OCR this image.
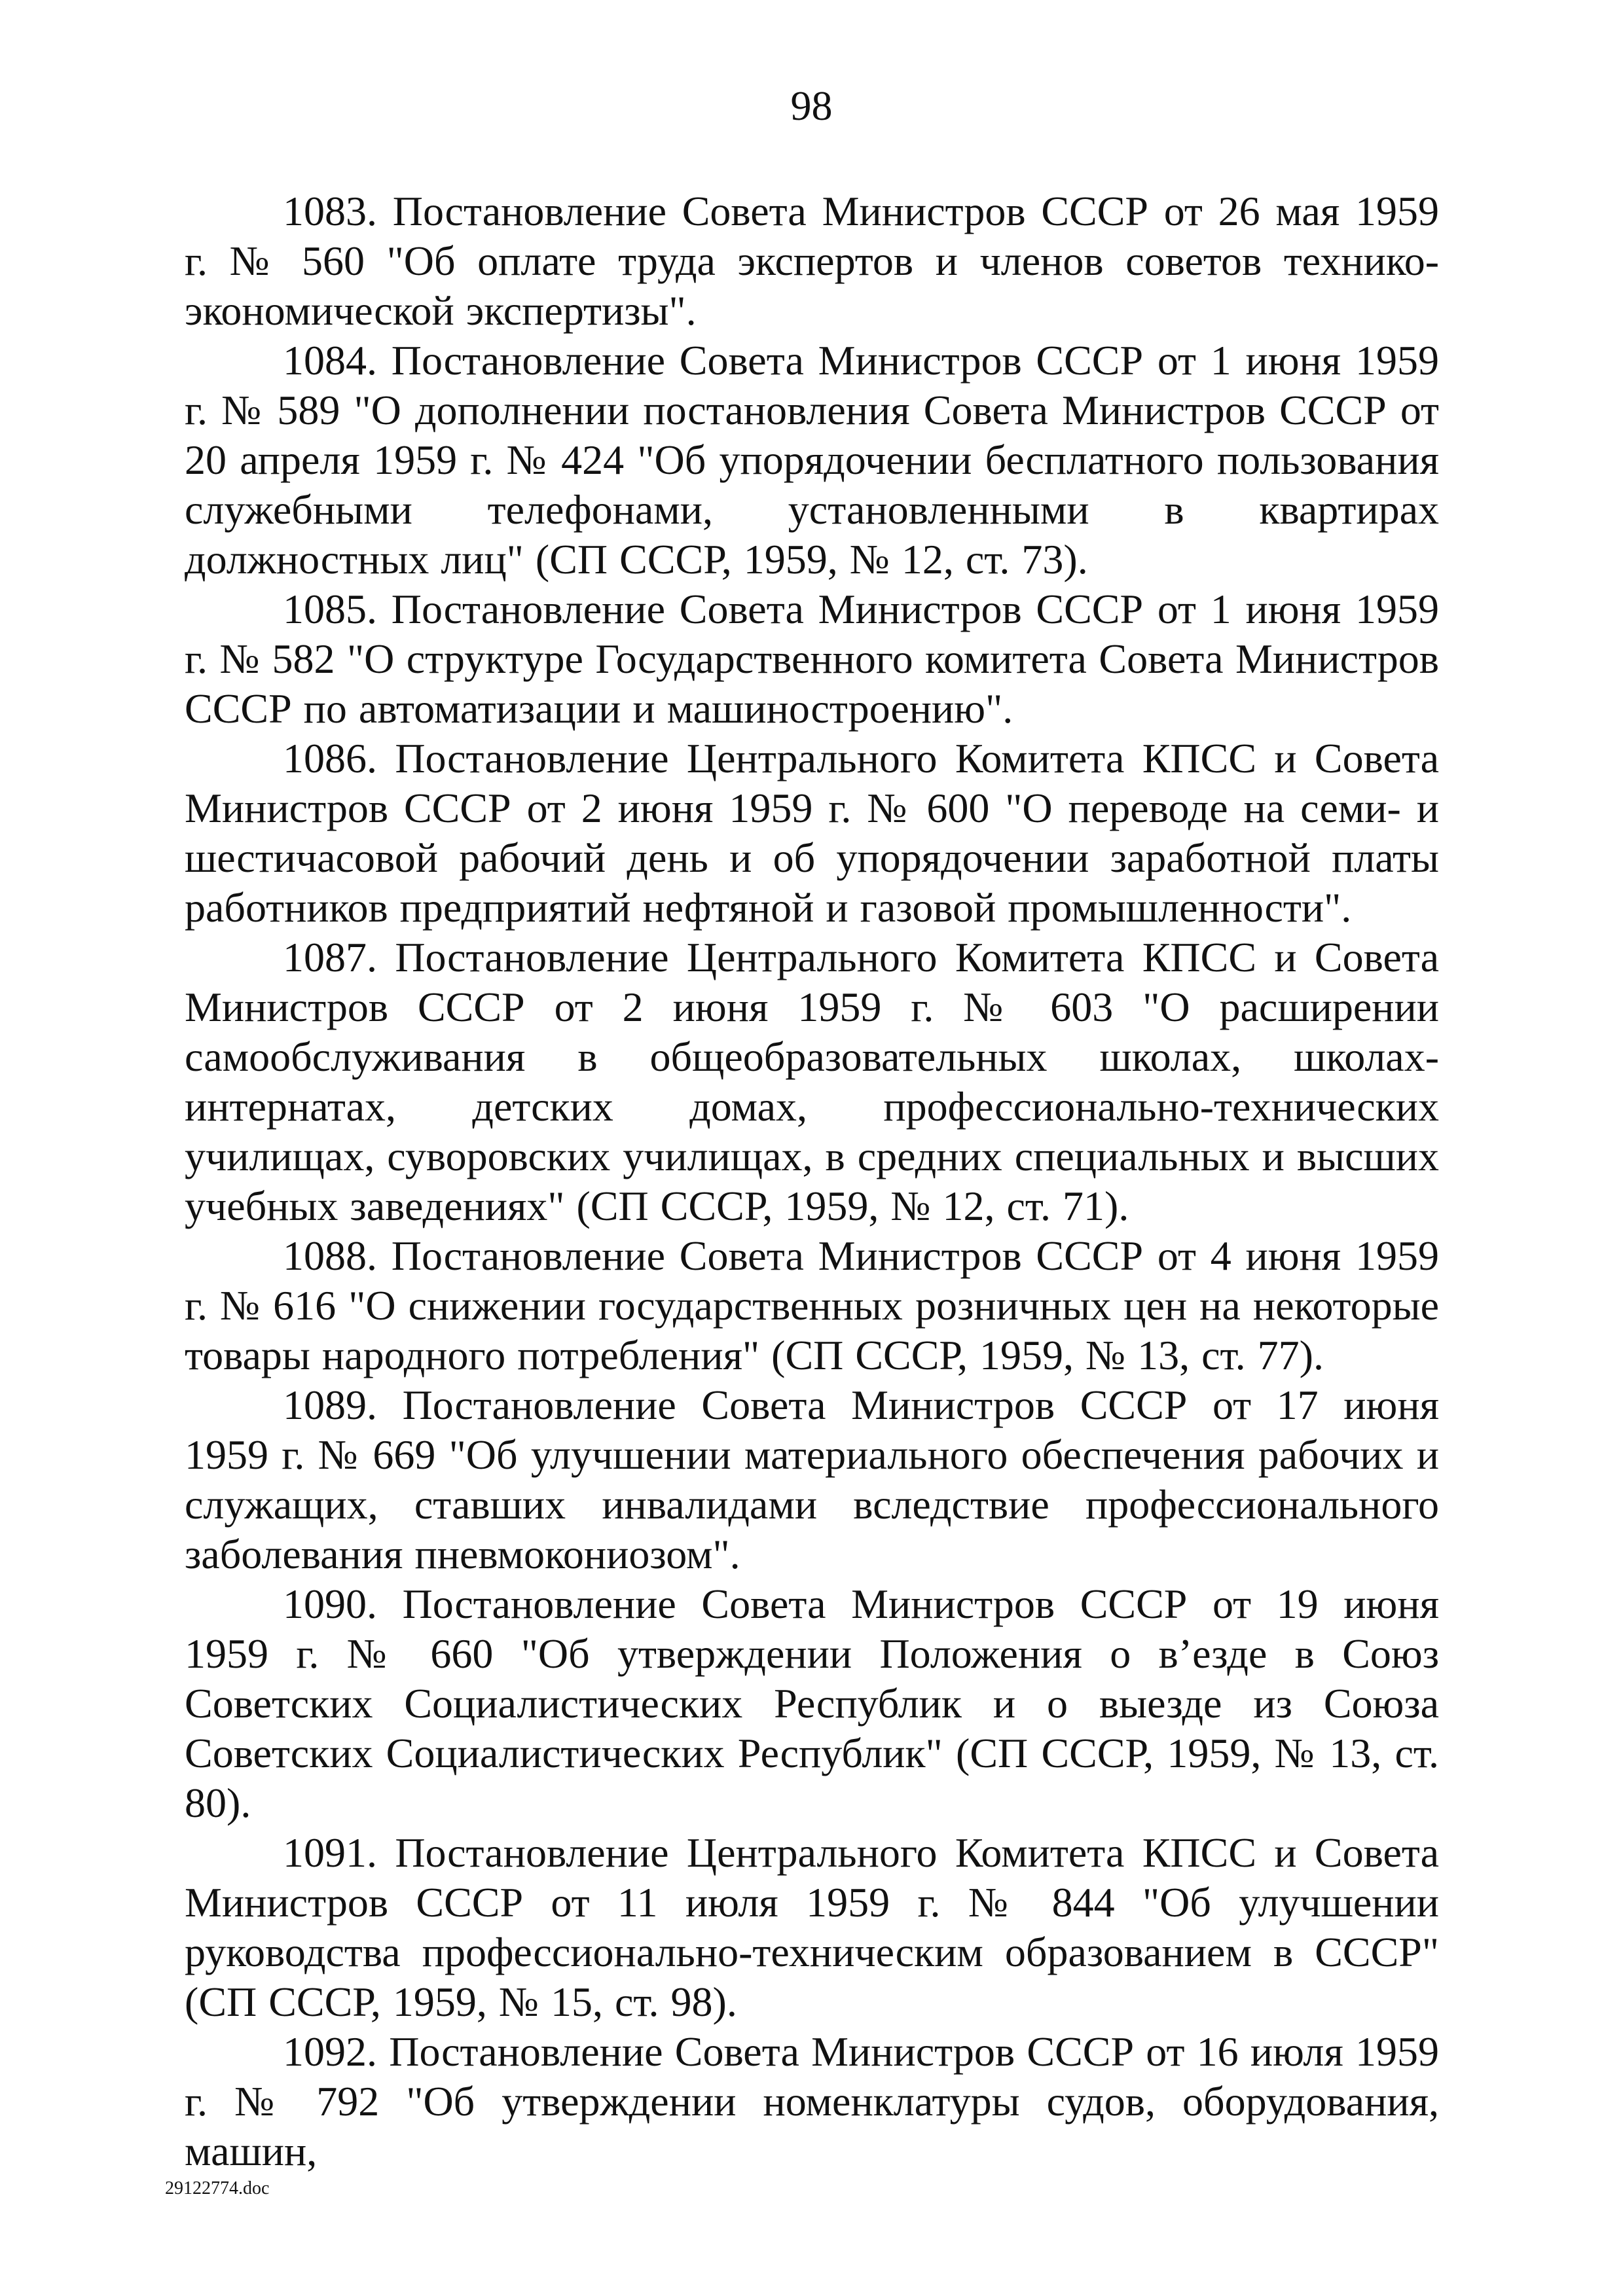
98

1083. Постановление Совета Министров СССР от 26 мая 1959 г. № 560 "Об оплате труда экспертов и членов советов технико-экономической экспертизы".

1084. Постановление Совета Министров СССР от 1 июня 1959 г. № 589 "О дополнении постановления Совета Министров СССР от 20 апреля 1959 г. № 424 "Об упорядочении бесплатного пользования служебными телефонами, установленными в квартирах должностных лиц" (СП СССР, 1959, № 12, ст. 73).

1085. Постановление Совета Министров СССР от 1 июня 1959 г. № 582 "О структуре Государственного комитета Совета Министров СССР по автоматизации и машиностроению".

1086. Постановление Центрального Комитета КПСС и Совета Министров СССР от 2 июня 1959 г. № 600 "О переводе на семи- и шестичасовой рабочий день и об упорядочении заработной платы работников предприятий нефтяной и газовой промышленности".

1087. Постановление Центрального Комитета КПСС и Совета Министров СССР от 2 июня 1959 г. № 603 "О расширении самообслуживания в общеобразовательных школах, школах-интернатах, детских домах, профессионально-технических училищах, суворовских училищах, в средних специальных и высших учебных заведениях" (СП СССР, 1959, № 12, ст. 71).

1088. Постановление Совета Министров СССР от 4 июня 1959 г. № 616 "О снижении государственных розничных цен на некоторые товары народного потребления" (СП СССР, 1959, № 13, ст. 77).

1089. Постановление Совета Министров СССР от 17 июня 1959 г. № 669 "Об улучшении материального обеспечения рабочих и служащих, ставших инвалидами вследствие профессионального заболевания пневмокониозом".

1090. Постановление Совета Министров СССР от 19 июня 1959 г. № 660 "Об утверждении Положения о в’езде в Союз Советских Социалистических Республик и о выезде из Союза Советских Социалистических Республик" (СП СССР, 1959, № 13, ст. 80).

1091. Постановление Центрального Комитета КПСС и Совета Министров СССР от 11 июля 1959 г. № 844 "Об улучшении руководства профессионально-техническим образованием в СССР" (СП СССР, 1959, № 15, ст. 98).

1092. Постановление Совета Министров СССР от 16 июля 1959 г. № 792 "Об утверждении номенклатуры судов, оборудования, машин,

29122774.doc
